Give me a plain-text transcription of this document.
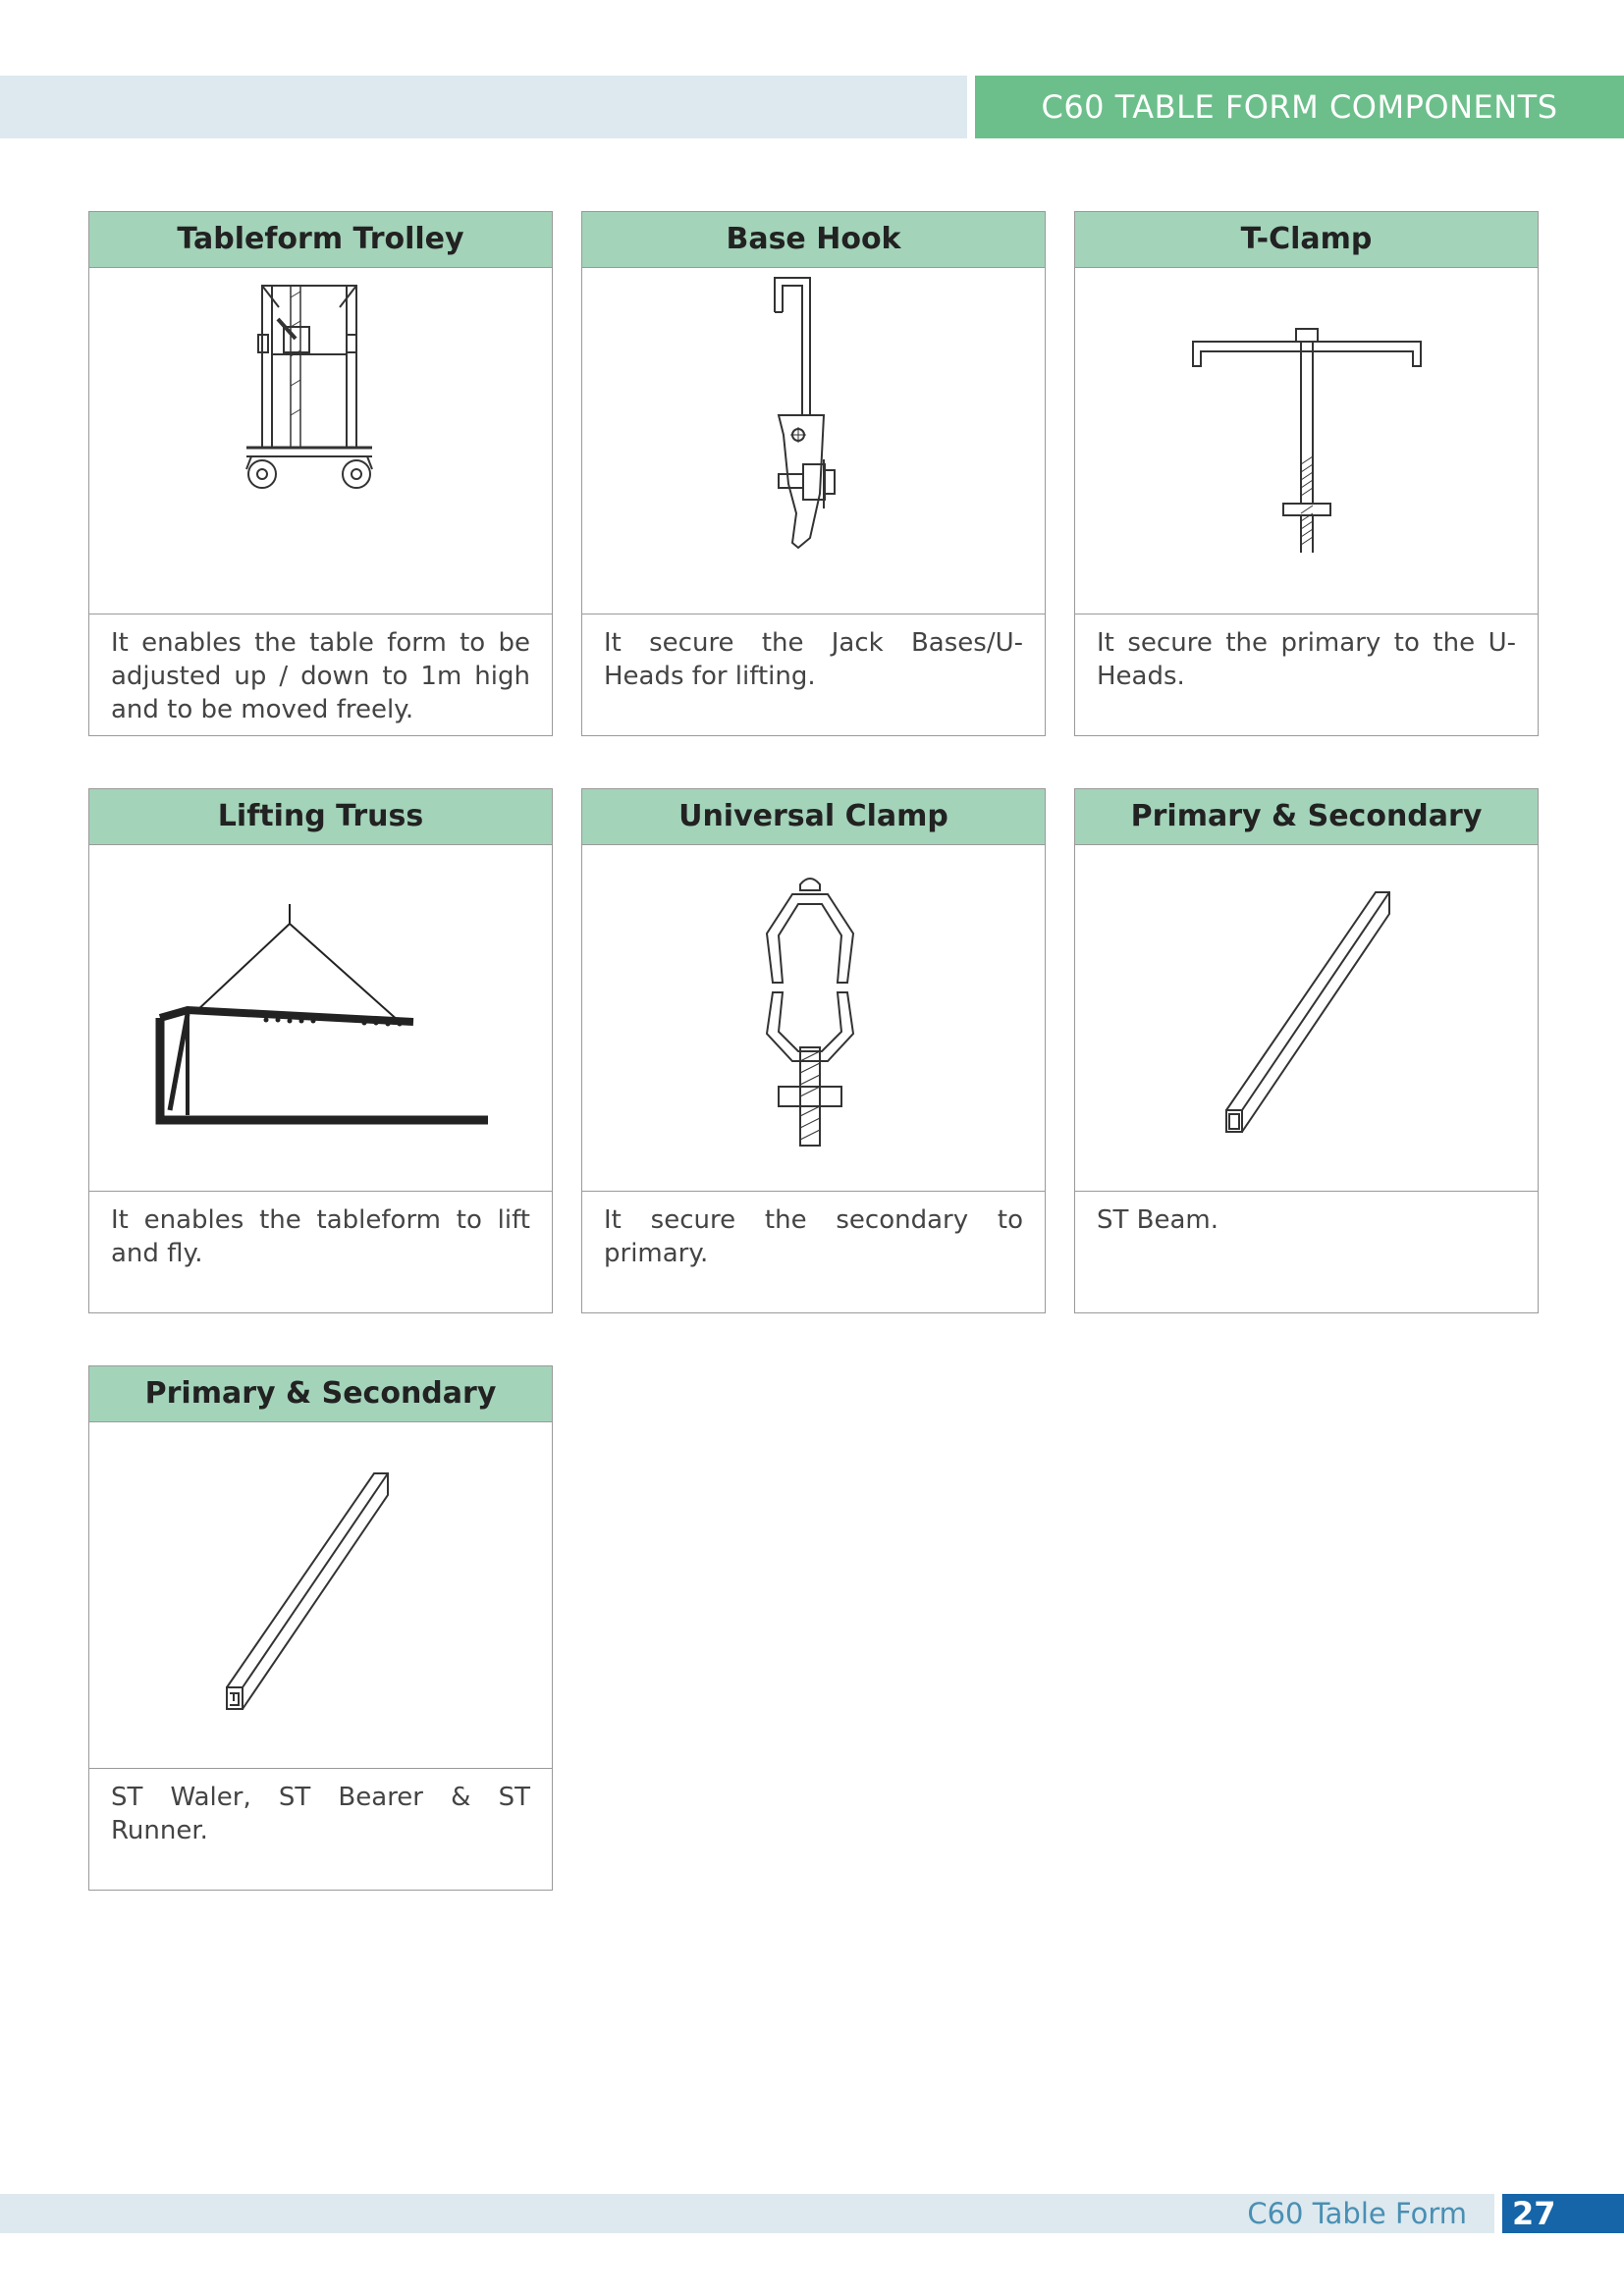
C60 TABLE FORM COMPONENTS
Tableform Trolley
It enables the table form to be adjusted up / down to 1m high and to be moved freely.
Base Hook
It secure the Jack Bases/U-Heads for lifting.
T-Clamp
It secure the primary to the U-Heads.
Lifting Truss
It enables the tableform to lift and fly.
Universal Clamp
It secure the secondary to primary.
Primary & Secondary
ST Beam.
Primary & Secondary
ST Waler, ST Bearer & ST Runner.
C60 Table Form	27
